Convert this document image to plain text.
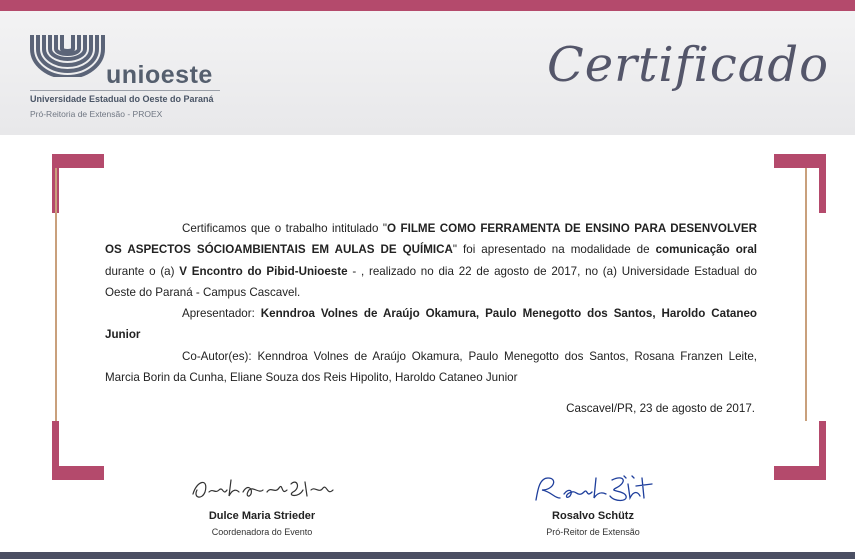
unioeste
Universidade Estadual do Oeste do Paraná
Pró-Reitoria de Extensão - PROEX
Certificado

Certificamos que o trabalho intitulado "O FILME COMO FERRAMENTA DE ENSINO PARA DESENVOLVER OS ASPECTOS SÓCIOAMBIENTAIS EM AULAS DE QUÍMICA" foi apresentado na modalidade de comunicação oral durante o (a) V Encontro do Pibid-Unioeste - , realizado no dia 22 de agosto de 2017, no (a) Universidade Estadual do Oeste do Paraná - Campus Cascavel.

Apresentador: Kenndroa Volnes de Araújo Okamura, Paulo Menegotto dos Santos, Haroldo Cataneo Junior

Co-Autor(es): Kenndroa Volnes de Araújo Okamura, Paulo Menegotto dos Santos, Rosana Franzen Leite, Marcia Borin da Cunha, Eliane Souza dos Reis Hipolito, Haroldo Cataneo Junior

Cascavel/PR, 23 de agosto de 2017.
Dulce Maria Strieder
Coordenadora do Evento
Rosalvo Schütz
Pró-Reitor de Extensão
